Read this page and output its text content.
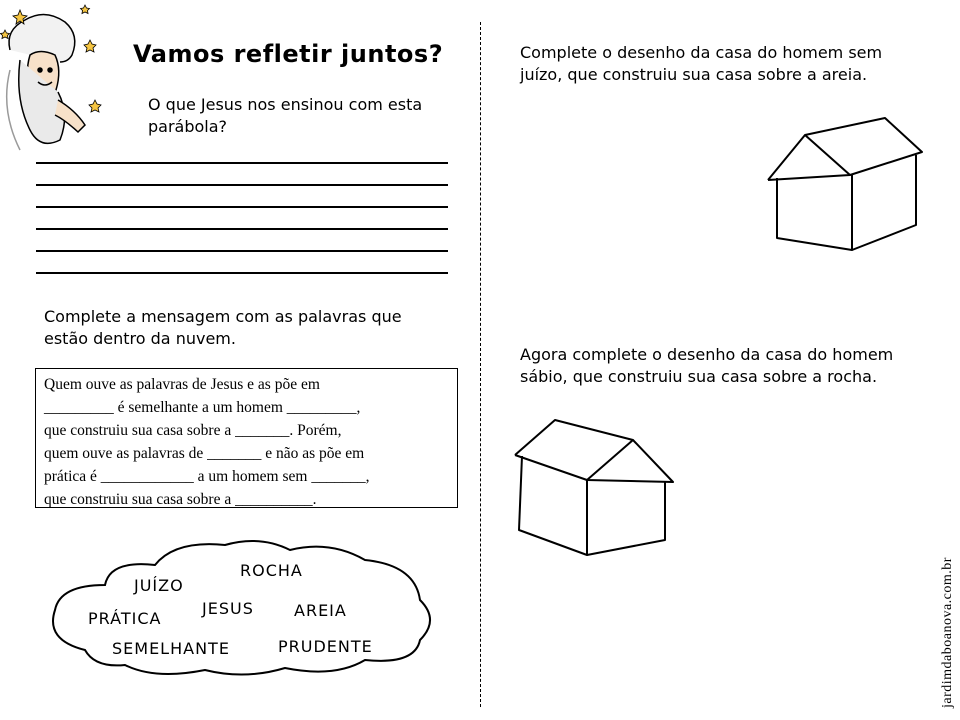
Vamos refletir juntos?
O que Jesus nos ensinou com esta parábola?
Complete a mensagem com as palavras que estão dentro da nuvem.
Quem ouve as palavras de Jesus e as põe em
_________ é semelhante a um homem _________,
que construiu sua casa sobre a _______. Porém,
quem ouve as palavras de _______ e não as põe em
prática é ____________ a um homem sem _______,
que construiu sua casa sobre a __________.
ROCHA
JUÍZO
JESUS
PRÁTICA	AREIA
SEMELHANTE	PRUDENTE
Complete o desenho da casa do homem sem juízo, que construiu sua casa sobre a areia.
Agora complete o desenho da casa do homem sábio, que construiu sua casa sobre a rocha.
jardimdaboanova.com.br
